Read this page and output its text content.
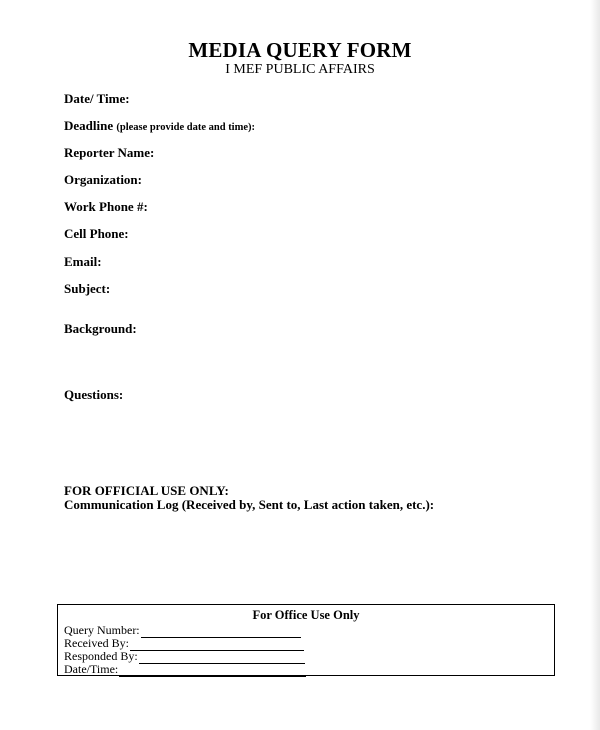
MEDIA QUERY FORM
I MEF PUBLIC AFFAIRS
Date/ Time:
Deadline (please provide date and time):
Reporter Name:
Organization:
Work Phone #:
Cell Phone:
Email:
Subject:
Background:
Questions:
FOR OFFICIAL USE ONLY:
Communication Log (Received by, Sent to, Last action taken, etc.):
For Office Use Only
Query Number:
Received By:
Responded By:
Date/Time:
